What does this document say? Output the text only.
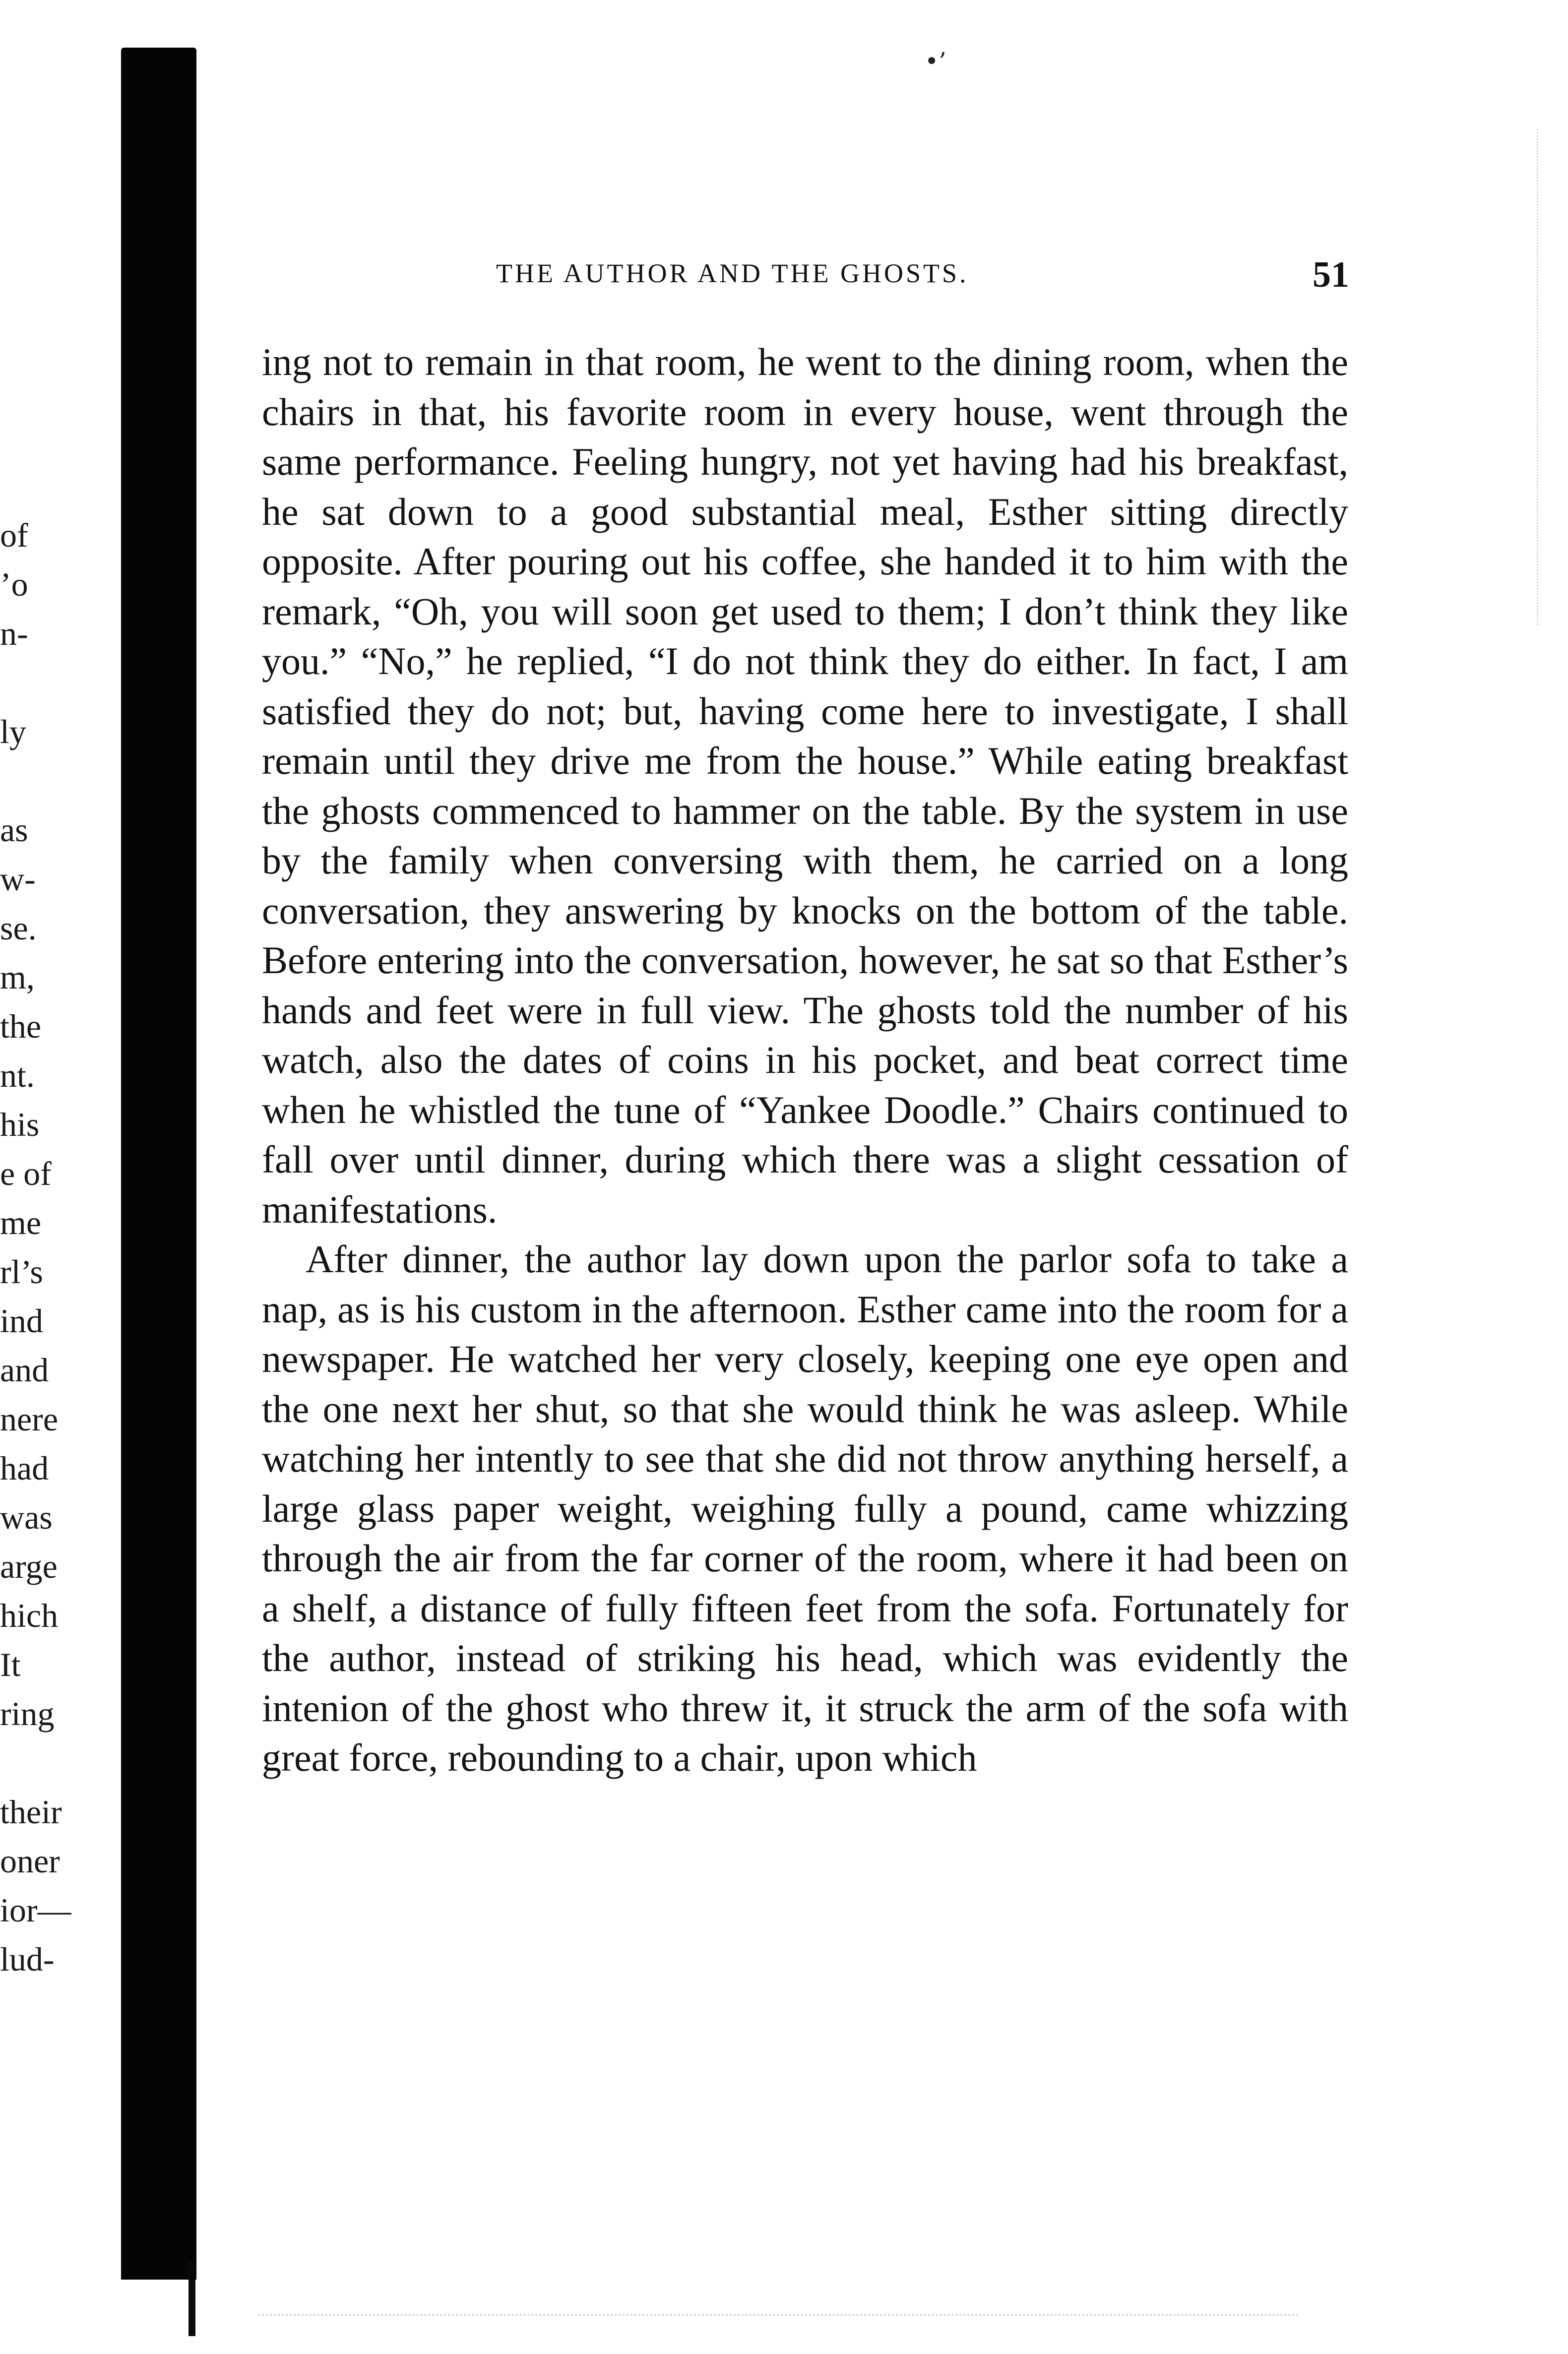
•’
of
’o
n-

ly

as
w-
se.
m,
the
nt.
his
e of
me
rl’s
ind
and
nere
had
was
arge
hich
It
ring

their
oner
ior—
lud-
THE AUTHOR AND THE GHOSTS.	51

ing not to remain in that room, he went to the dining room, when the chairs in that, his favorite room in every house, went through the same performance. Feeling hungry, not yet having had his breakfast, he sat down to a good substantial meal, Esther sitting directly opposite. After pouring out his coffee, she handed it to him with the remark, “Oh, you will soon get used to them; I don’t think they like you.” “No,” he replied, “I do not think they do either. In fact, I am satisfied they do not; but, having come here to investigate, I shall remain until they drive me from the house.” While eating breakfast the ghosts commenced to hammer on the table. By the system in use by the family when conversing with them, he carried on a long conversation, they answering by knocks on the bottom of the table. Before entering into the conversation, however, he sat so that Esther’s hands and feet were in full view. The ghosts told the number of his watch, also the dates of coins in his pocket, and beat correct time when he whistled the tune of “Yankee Doodle.” Chairs continued to fall over until dinner, during which there was a slight cessation of manifestations.

After dinner, the author lay down upon the parlor sofa to take a nap, as is his custom in the afternoon. Esther came into the room for a newspaper. He watched her very closely, keeping one eye open and the one next her shut, so that she would think he was asleep. While watching her intently to see that she did not throw anything herself, a large glass paper weight, weighing fully a pound, came whizzing through the air from the far corner of the room, where it had been on a shelf, a distance of fully fifteen feet from the sofa. Fortunately for the author, instead of striking his head, which was evidently the intenion of the ghost who threw it, it struck the arm of the sofa with great force, rebounding to a chair, upon which
